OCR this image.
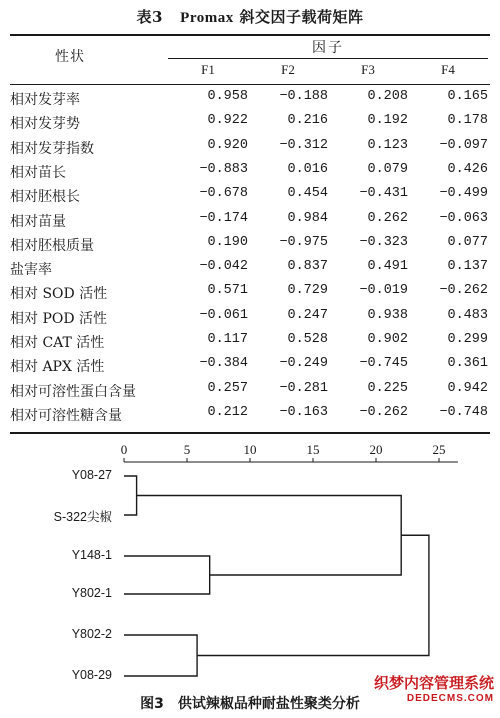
表3 Promax 斜交因子载荷矩阵
性状
因子
F1	F2	F3	F4
相对发芽率	0.958	−0.188	0.208	0.165
相对发芽势	0.922	0.216	0.192	0.178
相对发芽指数	0.920	−0.312	0.123	−0.097
相对苗长	−0.883	0.016	0.079	0.426
相对胚根长	−0.678	0.454	−0.431	−0.499
相对苗量	−0.174	0.984	0.262	−0.063
相对胚根质量	0.190	−0.975	−0.323	0.077
盐害率	−0.042	0.837	0.491	0.137
相对 SOD 活性	0.571	0.729	−0.019	−0.262
相对 POD 活性	−0.061	0.247	0.938	0.483
相对 CAT 活性	0.117	0.528	0.902	0.299
相对 APX 活性	−0.384	−0.249	−0.745	0.361
相对可溶性蛋白含量	0.257	−0.281	0.225	0.942
相对可溶性糖含量	0.212	−0.163	−0.262	−0.748
0	5	10	15	20	25
Y08-27
S-322尖椒
Y148-1
Y802-1
Y802-2
Y08-29
图3　供试辣椒品种耐盐性聚类分析
织梦内容管理系统
DEDECMS.COM
